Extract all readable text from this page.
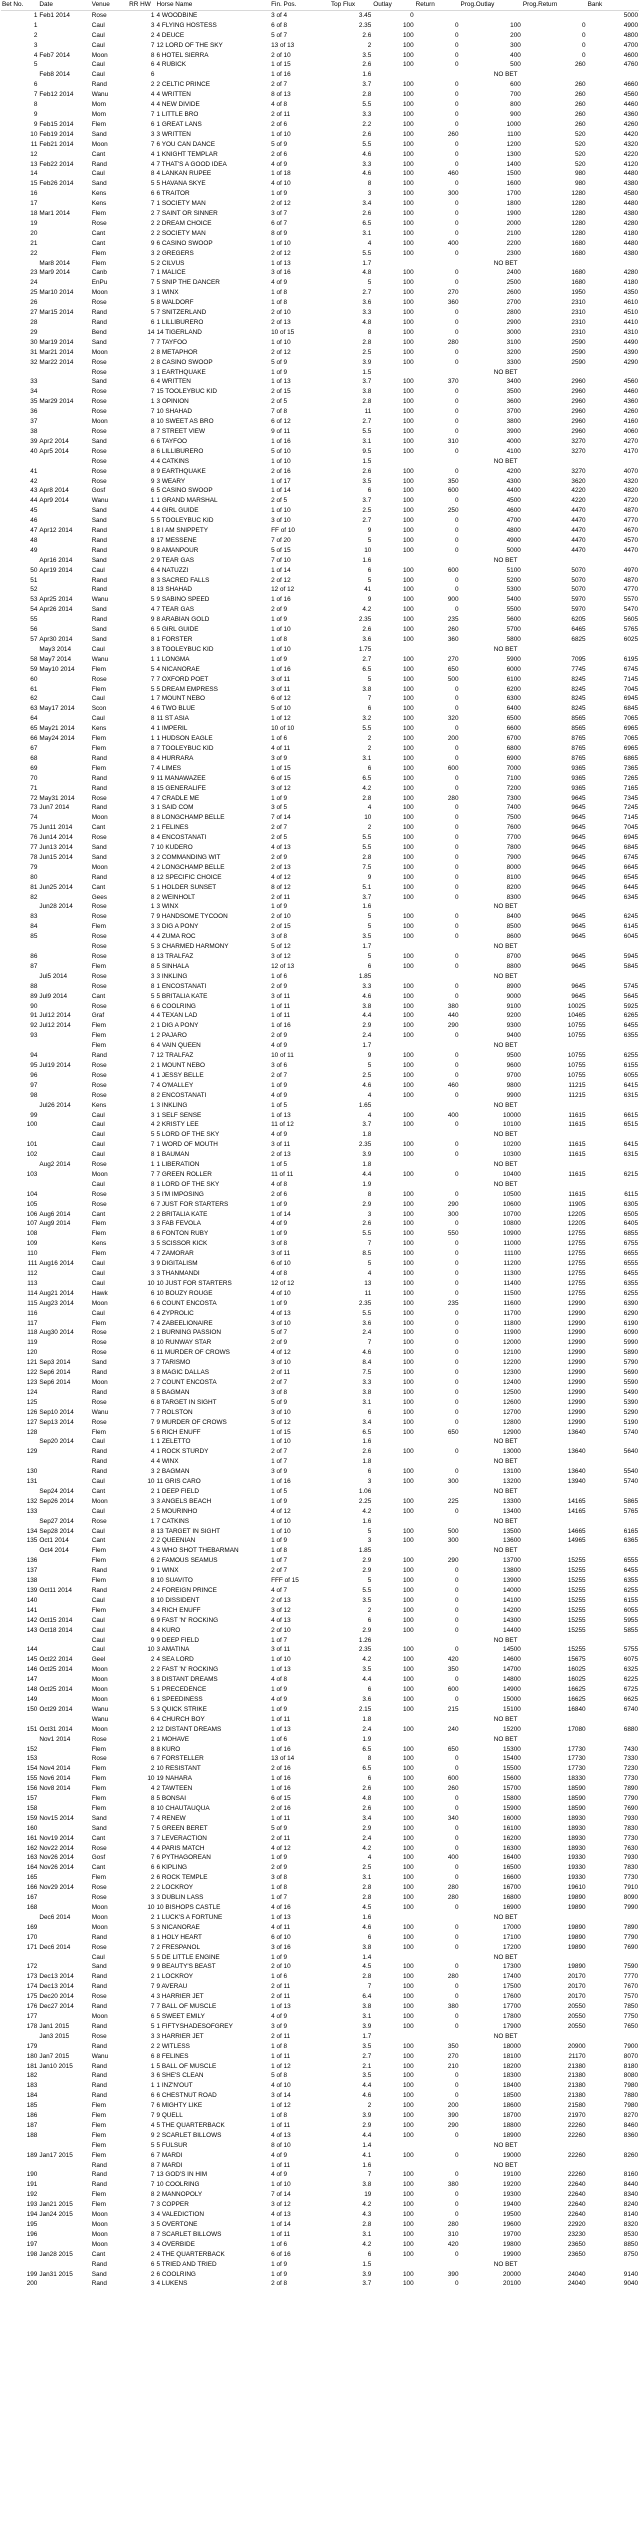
Bet No.	Date	Venue	RR HW	Horse Name	Fin. Pos.	Top Flux	Outlay	Return	Prog.Outlay	Prog.Return	Bank
1	Feb1 2014	Rose	1	4 WOODBINE	3 of 4	3.45	0				5000
1		Caul	3	4 FLYING HOSTESS	6 of 8	2.35	100	0	100	0	4900
2		Caul	2	4 DEUCE	5 of 7	2.6	100	0	200	0	4800
3		Caul	7	12 LORD OF THE SKY	13 of 13	2	100	0	300	0	4700
4	Feb7 2014	Moon	8	6 HOTEL SIERRA	2 of 10	3.5	100	0	400	0	4600
5		Caul	6	4 RUBICK	1 of 15	2.6	100	0	500	260	4760
	Feb8 2014	Caul	6		1 of 16	1.6	NO BET				
6		Rand	2	2 CELTIC PRINCE	2 of 7	3.7	100	0	600	260	4660
7	Feb12 2014	Wanu	4	4 WRITTEN	8 of 13	2.8	100	0	700	260	4560
8		Mom	4	4 NEW DIVIDE	4 of 8	5.5	100	0	800	260	4460
9		Mom	7	1 LITTLE BRO	2 of 11	3.3	100	0	900	260	4360
9	Feb15 2014	Flem	6	1 GREAT LANS	2 of 6	2.2	100	0	1000	260	4260
10	Feb19 2014	Sand	3	3 WRITTEN	1 of 10	2.6	100	260	1100	520	4420
11	Feb21 2014	Moon	7	6 YOU CAN DANCE	5 of 9	5.5	100	0	1200	520	4320
12		Cant	4	1 KNIGHT TEMPLAR	2 of 6	4.6	100	0	1300	520	4220
13	Feb22 2014	Rand	4	7 THAT'S A GOOD IDEA	4 of 9	3.3	100	0	1400	520	4120
14		Caul	8	4 LANKAN RUPEE	1 of 18	4.6	100	460	1500	980	4480
15	Feb26 2014	Sand	5	5 HAVANA SKYE	4 of 10	8	100	0	1600	980	4380
16		Kens	6	6 TRAITOR	1 of 9	3	100	300	1700	1280	4580
17		Kens	7	1 SOCIETY MAN	2 of 12	3.4	100	0	1800	1280	4480
18	Mar1 2014	Flem	2	7 SAINT OR SINNER	3 of 7	2.6	100	0	1900	1280	4380
19		Rose	2	2 DREAM CHOICE	6 of 7	6.5	100	0	2000	1280	4280
20		Cant	2	2 SOCIETY MAN	8 of 9	3.1	100	0	2100	1280	4180
21		Cant	9	6 CASINO SWOOP	1 of 10	4	100	400	2200	1680	4480
22		Flem	3	2 GREGERS	2 of 12	5.5	100	0	2300	1680	4380
	Mar8 2014	Flem	5	2 CILVUS	1 of 13	1.7	NO BET				
23	Mar9 2014	Canb	7	1 MALICE	3 of 16	4.8	100	0	2400	1680	4280
24		EnPu	7	5 SNIP THE DANCER	4 of 9	5	100	0	2500	1680	4180
25	Mar10 2014	Moon	3	1 WINX	1 of 8	2.7	100	270	2600	1950	4350
26		Rose	5	8 WALDORF	1 of 8	3.6	100	360	2700	2310	4610
27	Mar15 2014	Rand	5	7 SNITZERLAND	2 of 10	3.3	100	0	2800	2310	4510
28		Rand	6	1 LILLIBURERO	2 of 13	4.8	100	0	2900	2310	4410
29		Bend	14	14 TIGERLAND	10 of 15	8	100	0	3000	2310	4310
30	Mar19 2014	Sand	7	7 TAYFOO	1 of 10	2.8	100	280	3100	2590	4490
31	Mar21 2014	Moon	2	8 METAPHOR	2 of 12	2.5	100	0	3200	2590	4390
32	Mar22 2014	Rose	2	8 CASINO SWOOP	5 of 9	3.9	100	0	3300	2590	4290
		Rose	3	1 EARTHQUAKE	1 of 9	1.5	NO BET				
33		Sand	6	4 WRITTEN	1 of 13	3.7	100	370	3400	2960	4560
34		Rose	7	15 TOOLEYBUC KID	2 of 15	3.8	100	0	3500	2960	4460
35	Mar29 2014	Rose	1	3 OPINION	2 of 5	2.8	100	0	3600	2960	4360
36		Rose	7	10 SHAHAD	7 of 8	11	100	0	3700	2960	4260
37		Moon	8	10 SWEET AS BRO	6 of 12	2.7	100	0	3800	2960	4160
38		Rose	8	7 STREET VIEW	9 of 11	5.5	100	0	3900	2960	4060
39	Apr2 2014	Sand	6	6 TAYFOO	1 of 16	3.1	100	310	4000	3270	4270
40	Apr5 2014	Rose	8	6 LILLIBURERO	5 of 10	9.5	100	0	4100	3270	4170
		Rose	4	4 CATKINS	1 of 10	1.5	NO BET				
41		Rose	8	9 EARTHQUAKE	2 of 16	2.6	100	0	4200	3270	4070
42		Rose	9	3 WEARY	1 of 17	3.5	100	350	4300	3620	4320
43	Apr8 2014	Gosf	6	5 CASINO SWOOP	1 of 14	6	100	600	4400	4220	4820
44	Apr9 2014	Wanu	1	1 GRAND MARSHAL	2 of 5	3.7	100	0	4500	4220	4720
45		Sand	4	4 GIRL GUIDE	1 of 10	2.5	100	250	4600	4470	4870
46		Sand	5	5 TOOLEYBUC KID	3 of 10	2.7	100	0	4700	4470	4770
47	Apr12 2014	Rand	1	8 I AM SNIPPETY	FF of 10	9	100	0	4800	4470	4670
48		Rand	8	17 MESSENE	7 of 20	5	100	0	4900	4470	4570
49		Rand	9	8 AMANPOUR	5 of 15	10	100	0	5000	4470	4470
	Apr16 2014	Sand	2	9 TEAR GAS	7 of 10	1.6	NO BET				
50	Apr19 2014	Caul	6	4 NATUZZI	1 of 14	6	100	600	5100	5070	4970
51		Rand	8	3 SACRED FALLS	2 of 12	5	100	0	5200	5070	4870
52		Rand	8	13 SHAHAD	12 of 12	41	100	0	5300	5070	4770
53	Apr25 2014	Wanu	5	9 SABINO SPEED	1 of 16	9	100	900	5400	5970	5570
54	Apr26 2014	Sand	4	7 TEAR GAS	2 of 9	4.2	100	0	5500	5970	5470
55		Rand	9	8 ARABIAN GOLD	1 of 9	2.35	100	235	5600	6205	5605
56		Sand	6	5 GIRL GUIDE	1 of 10	2.6	100	260	5700	6465	5765
57	Apr30 2014	Sand	8	1 FORSTER	1 of 8	3.6	100	360	5800	6825	6025
	May3 2014	Caul	3	8 TOOLEYBUC KID	1 of 10	1.75	NO BET				
58	May7 2014	Wanu	1	1 LONGMA	1 of 9	2.7	100	270	5900	7095	6195
59	May10 2014	Flem	5	4 NICANORAE	1 of 16	6.5	100	650	6000	7745	6745
60		Rose	7	7 OXFORD POET	3 of 11	5	100	500	6100	8245	7145
61		Flem	5	5 DREAM EMPRESS	3 of 11	3.8	100	0	6200	8245	7045
62		Caul	1	7 MOUNT NEBO	6 of 12	7	100	0	6300	8245	6945
63	May17 2014	Scon	4	6 TWO BLUE	5 of 10	6	100	0	6400	8245	6845
64		Caul	8	11 ST ASIA	1 of 12	3.2	100	320	6500	8565	7065
65	May21 2014	Kens	4	1 IMPERIL	10 of 10	5.5	100	0	6600	8565	6965
66	May24 2014	Flem	1	1 HUDSON EAGLE	1 of 6	2	100	200	6700	8765	7065
67		Flem	8	7 TOOLEYBUC KID	4 of 11	2	100	0	6800	8765	6965
68		Rand	8	4 HURRARA	3 of 9	3.1	100	0	6900	8765	6865
69		Flem	7	4 LIMES	1 of 15	6	100	600	7000	9365	7365
70		Rand	9	11 MANAWAZEE	6 of 15	6.5	100	0	7100	9365	7265
71		Rand	8	15 GENERALIFE	3 of 12	4.2	100	0	7200	9365	7165
72	May31 2014	Rose	4	7 CRADLE ME	1 of 9	2.8	100	280	7300	9645	7345
73	Jun7 2014	Rand	3	1 SAID COM	3 of 5	4	100	0	7400	9645	7245
74		Moon	8	8 LONGCHAMP BELLE	7 of 14	10	100	0	7500	9645	7145
75	Jun11 2014	Cant	2	1 FELINES	2 of 7	2	100	0	7600	9645	7045
76	Jun14 2014	Rose	8	4 ENCOSTANATI	2 of 5	5.5	100	0	7700	9645	6945
77	Jun13 2014	Sand	7	10 KUDERO	4 of 13	5.5	100	0	7800	9645	6845
78	Jun15 2014	Sand	3	2 COMMANDING WIT	2 of 9	2.8	100	0	7900	9645	6745
79		Moon	4	2 LONGCHAMP BELLE	2 of 13	7.5	100	0	8000	9645	6645
80		Rand	8	12 SPECIFIC CHOICE	4 of 12	9	100	0	8100	9645	6545
81	Jun25 2014	Cant	5	1 HOLDER SUNSET	8 of 12	5.1	100	0	8200	9645	6445
82		Gees	8	2 WEINHOLT	2 of 11	3.7	100	0	8300	9645	6345
	Jun28 2014	Rose	1	3 WINX	1 of 9	1.6	NO BET				
83		Rose	7	9 HANDSOME TYCOON	2 of 10	5	100	0	8400	9645	6245
84		Flem	3	3 DIG A PONY	2 of 15	5	100	0	8500	9645	6145
85		Rose	4	4 ZUMA ROC	3 of 8	3.5	100	0	8600	9645	6045
		Rose	5	3 CHARMED HARMONY	5 of 12	1.7	NO BET				
86		Rose	8	13 TRALFAZ	3 of 12	5	100	0	8700	9645	5945
87		Flem	8	5 SINHALA	12 of 13	6	100	0	8800	9645	5845
	Jul5 2014	Rose	3	3 INKLING	1 of 6	1.85	NO BET				
88		Rose	8	1 ENCOSTANATI	2 of 9	3.3	100	0	8900	9645	5745
89	Jul9 2014	Cant	5	5 BRITALIA KATE	3 of 11	4.6	100	0	9000	9645	5645
90		Rose	6	6 COOLRING	1 of 11	3.8	100	380	9100	10025	5925
91	Jul12 2014	Graf	4	4 TEXAN LAD	1 of 11	4.4	100	440	9200	10465	6265
92	Jul12 2014	Flem	2	1 DIG A PONY	1 of 16	2.9	100	290	9300	10755	6455
93		Flem	1	2 PAJARO	2 of 9	2.4	100	0	9400	10755	6355
		Flem	6	4 VAIN QUEEN	4 of 9	1.7	NO BET				
94		Rand	7	12 TRALFAZ	10 of 11	9	100	0	9500	10755	6255
95	Jul19 2014	Rose	2	1 MOUNT NEBO	3 of 6	5	100	0	9600	10755	6155
96		Rose	4	1 JESSY BELLE	2 of 7	2.5	100	0	9700	10755	6055
97		Rose	7	4 O'MALLEY	1 of 9	4.6	100	460	9800	11215	6415
98		Rose	8	2 ENCOSTANATI	4 of 9	4	100	0	9900	11215	6315
	Jul26 2014	Kens	1	3 INKLING	1 of 5	1.65	NO BET				
99		Caul	3	1 SELF SENSE	1 of 13	4	100	400	10000	11615	6615
100		Caul	4	2 KRISTY LEE	11 of 12	3.7	100	0	10100	11615	6515
		Caul	5	5 LORD OF THE SKY	4 of 9	1.8	NO BET				
101		Caul	7	1 WORD OF MOUTH	3 of 11	2.35	100	0	10200	11615	6415
102		Caul	8	1 BAUMAN	2 of 13	3.9	100	0	10300	11615	6315
	Aug2 2014	Rose	1	1 LIBERATION	1 of 5	1.8	NO BET				
103		Moon	7	7 GREEN ROLLER	11 of 11	4.4	100	0	10400	11615	6215
		Caul	8	1 LORD OF THE SKY	4 of 8	1.9	NO BET				
104		Rose	3	5 I'M IMPOSING	2 of 6	8	100	0	10500	11615	6115
105		Rose	6	7 JUST FOR STARTERS	1 of 9	2.9	100	290	10600	11905	6305
106	Aug6 2014	Cant	2	2 BRITALIA KATE	1 of 14	3	100	300	10700	12205	6505
107	Aug9 2014	Flem	3	3 FAB FEVOLA	4 of 9	2.6	100	0	10800	12205	6405
108		Flem	8	6 FONTON RUBY	1 of 9	5.5	100	550	10900	12755	6855
109		Kens	3	5 SCISSOR KICK	3 of 8	7	100	0	11000	12755	6755
110		Flem	4	7 ZAMORAR	3 of 11	8.5	100	0	11100	12755	6655
111	Aug16 2014	Caul	3	9 DIGITALISM	6 of 10	5	100	0	11200	12755	6555
112		Caul	3	3 THANMANDI	4 of 8	4	100	0	11300	12755	6455
113		Caul	10	10 JUST FOR STARTERS	12 of 12	13	100	0	11400	12755	6355
114	Aug21 2014	Hawk	6	10 BOUZY ROUGE	4 of 10	11	100	0	11500	12755	6255
115	Aug23 2014	Moon	6	6 COUNT ENCOSTA	1 of 9	2.35	100	235	11600	12990	6390
116		Caul	6	4 ZYPROLIC	4 of 13	5.5	100	0	11700	12990	6290
117		Flem	7	4 ZABEELIONAIRE	3 of 10	3.6	100	0	11800	12990	6190
118	Aug30 2014	Rose	2	1 BURNING PASSION	5 of 7	2.4	100	0	11900	12990	6090
119		Rose	8	10 RUNWAY STAR	2 of 9	7	100	0	12000	12990	5990
120		Rose	6	11 MURDER OF CROWS	4 of 12	4.6	100	0	12100	12990	5890
121	Sep3 2014	Sand	3	7 TARISMO	3 of 10	8.4	100	0	12200	12990	5790
122	Sep6 2014	Rand	3	8 MAGIC DALLAS	2 of 11	7.5	100	0	12300	12990	5690
123	Sep6 2014	Moon	2	7 COUNT ENCOSTA	2 of 7	3.3	100	0	12400	12990	5590
124		Rand	8	5 BAGMAN	3 of 8	3.8	100	0	12500	12990	5490
125		Rose	6	8 TARGET IN SIGHT	5 of 9	3.1	100	0	12600	12990	5390
126	Sep10 2014	Wanu	7	7 ROLSTON	3 of 10	6	100	0	12700	12990	5290
127	Sep13 2014	Rose	7	9 MURDER OF CROWS	5 of 12	3.4	100	0	12800	12990	5190
128		Flem	5	6 RICH ENUFF	1 of 15	6.5	100	650	12900	13640	5740
	Sep20 2014	Caul	1	1 ZELETTO	1 of 10	1.6	NO BET				
129		Rand	4	1 ROCK STURDY	2 of 7	2.6	100	0	13000	13640	5640
		Rand	4	4 WINX	1 of 7	1.8	NO BET				
130		Rand	3	2 BAGMAN	3 of 9	6	100	0	13100	13640	5540
131		Caul	10	11 GRIS CARO	1 of 16	3	100	300	13200	13940	5740
	Sep24 2014	Cant	2	1 DEEP FIELD	1 of 5	1.06	NO BET				
132	Sep26 2014	Moon	3	3 ANGELS BEACH	1 of 9	2.25	100	225	13300	14165	5865
133		Caul	2	5 MOURINHO	4 of 12	4.2	100	0	13400	14165	5765
	Sep27 2014	Rose	1	7 CATKINS	1 of 10	1.6	NO BET				
134	Sep28 2014	Caul	8	13 TARGET IN SIGHT	1 of 10	5	100	500	13500	14665	6165
135	Oct1 2014	Cant	2	2 QUEENIAN	1 of 9	3	100	300	13600	14965	6365
	Oct4 2014	Flem	4	3 WHO SHOT THEBARMAN	1 of 8	1.85	NO BET				
136		Flem	6	2 FAMOUS SEAMUS	1 of 7	2.9	100	290	13700	15255	6555
137		Rand	9	1 WINX	2 of 7	2.9	100	0	13800	15255	6455
138		Flem	8	10 SUAVITO	FFF of 15	5	100	0	13900	15255	6355
139	Oct11 2014	Rand	2	4 FOREIGN PRINCE	4 of 7	5.5	100	0	14000	15255	6255
140		Caul	8	10 DISSIDENT	2 of 13	3.5	100	0	14100	15255	6155
141		Flem	3	4 RICH ENUFF	3 of 12	2	100	0	14200	15255	6055
142	Oct15 2014	Caul	6	9 FAST 'N' ROCKING	4 of 13	6	100	0	14300	15255	5955
143	Oct18 2014	Caul	8	4 KURO	2 of 10	2.9	100	0	14400	15255	5855
		Caul	9	9 DEEP FIELD	1 of 7	1.26	NO BET				
144		Caul	10	3 AMATINA	3 of 11	2.35	100	0	14500	15255	5755
145	Oct22 2014	Geel	2	4 SEA LORD	1 of 10	4.2	100	420	14600	15675	6075
146	Oct25 2014	Moon	2	2 FAST 'N' ROCKING	1 of 13	3.5	100	350	14700	16025	6325
147		Moon	3	8 DISTANT DREAMS	4 of 8	4.4	100	0	14800	16025	6225
148	Oct25 2014	Moon	5	1 PRECEDENCE	1 of 9	6	100	600	14900	16625	6725
149		Moon	6	1 SPEEDINESS	4 of 9	3.6	100	0	15000	16625	6625
150	Oct29 2014	Wanu	5	3 QUICK STRIKE	1 of 9	2.15	100	215	15100	16840	6740
		Wanu	6	4 CHURCH BOY	1 of 11	1.8	NO BET				
151	Oct31 2014	Moon	2	12 DISTANT DREAMS	1 of 13	2.4	100	240	15200	17080	6880
	Nov1 2014	Rose	2	1 MOHAVE	1 of 6	1.9	NO BET				
152		Flem	8	8 KURO	1 of 16	6.5	100	650	15300	17730	7430
153		Rose	6	7 FORSTELLER	13 of 14	8	100	0	15400	17730	7330
154	Nov4 2014	Flem	2	10 RESISTANT	2 of 16	6.5	100	0	15500	17730	7230
155	Nov6 2014	Flem	10	19 NAHARA	1 of 16	6	100	600	15600	18330	7730
156	Nov8 2014	Flem	4	2 TAWTEEN	1 of 16	2.6	100	260	15700	18590	7890
157		Flem	8	5 BONSAI	6 of 15	4.8	100	0	15800	18590	7790
158		Flem	8	10 CHAUTAUQUA	2 of 16	2.6	100	0	15900	18590	7690
159	Nov15 2014	Sand	7	4 RENEW	1 of 11	3.4	100	340	16000	18930	7930
160		Sand	7	5 GREEN BERET	5 of 9	2.9	100	0	16100	18930	7830
161	Nov19 2014	Cant	3	7 LEVERACTION	2 of 11	2.4	100	0	16200	18930	7730
162	Nov22 2014	Rose	4	4 PARIS MATCH	4 of 12	4.2	100	0	16300	18930	7630
163	Nov26 2014	Gosf	7	6 PYTHAGOREAN	1 of 9	4	100	400	16400	19330	7930
164	Nov26 2014	Cant	6	6 KIPLING	2 of 9	2.5	100	0	16500	19330	7830
165		Flem	2	6 ROCK TEMPLE	3 of 8	3.1	100	0	16600	19330	7730
166	Nov29 2014	Rose	2	2 LOCKROY	1 of 8	2.8	100	280	16700	19610	7910
167		Rose	3	3 DUBLIN LASS	1 of 7	2.8	100	280	16800	19890	8090
168		Moon	10	10 BISHOPS CASTLE	4 of 16	4.5	100	0	16900	19890	7990
	Dec6 2014	Moon	2	1 LUCK'S A FORTUNE	1 of 13	1.6	NO BET				
169		Moon	5	3 NICANORAE	4 of 11	4.6	100	0	17000	19890	7890
170		Rand	8	1 HOLY HEART	6 of 10	6	100	0	17100	19890	7790
171	Dec6 2014	Rose	7	2 FRESPANOL	3 of 16	3.8	100	0	17200	19890	7690
		Caul	5	5 DE LITTLE ENGINE	1 of 9	1.4	NO BET				
172		Sand	9	9 BEAUTY'S BEAST	2 of 10	4.5	100	0	17300	19890	7590
173	Dec13 2014	Rand	2	1 LOCKROY	1 of 6	2.8	100	280	17400	20170	7770
174	Dec13 2014	Rand	7	9 AVERAU	2 of 11	7	100	0	17500	20170	7670
175	Dec20 2014	Rose	4	3 HARRIER JET	2 of 11	6.4	100	0	17600	20170	7570
176	Dec27 2014	Rand	7	7 BALL OF MUSCLE	1 of 13	3.8	100	380	17700	20550	7850
177		Moon	6	5 SWEET EMILY	4 of 9	3.1	100	0	17800	20550	7750
178	Jan1 2015	Rand	5	1 FIFTYSHADESOFGREY	3 of 9	3.9	100	0	17900	20550	7650
	Jan3 2015	Rose	3	3 HARRIER JET	2 of 11	1.7	NO BET				
179		Rand	2	2 WITLESS	1 of 8	3.5	100	350	18000	20900	7900
180	Jan7 2015	Wanu	6	8 FELINES	1 of 11	2.7	100	270	18100	21170	8070
181	Jan10 2015	Rand	1	5 BALL OF MUSCLE	1 of 12	2.1	100	210	18200	21380	8180
182		Rand	3	6 SHE'S CLEAN	5 of 8	3.5	100	0	18300	21380	8080
183		Rand	1	1 INZ'N'OUT	4 of 10	4.4	100	0	18400	21380	7980
184		Rand	6	6 CHESTNUT ROAD	3 of 14	4.6	100	0	18500	21380	7880
185		Flem	7	6 MIGHTY LIKE	1 of 12	2	100	200	18600	21580	7980
186		Flem	7	9 QUELL	1 of 8	3.9	100	390	18700	21970	8270
187		Flem	4	5 THE QUARTERBACK	1 of 11	2.9	100	290	18800	22260	8460
188		Flem	9	2 SCARLET BILLOWS	4 of 13	4.4	100	0	18900	22260	8360
		Flem	5	5 FULSUR	8 of 10	1.4	NO BET				
189	Jan17 2015	Flem	6	7 MARDI	4 of 9	4.1	100	0	19000	22260	8260
		Rand	8	7 MARDI	1 of 11	1.6	NO BET				
190		Rand	7	13 GOD'S IN HIM	4 of 9	7	100	0	19100	22260	8160
191		Rand	7	10 COOLRING	1 of 10	3.8	100	380	19200	22640	8440
192		Flem	8	2 MANNOPOLY	7 of 14	19	100	0	19300	22640	8340
193	Jan21 2015	Flem	7	3 COPPER	3 of 12	4.2	100	0	19400	22640	8240
194	Jan24 2015	Moon	3	4 VALEDICTION	4 of 13	4.3	100	0	19500	22640	8140
195		Moon	3	5 OVERTONE	1 of 14	2.8	100	280	19600	22920	8320
196		Moon	8	7 SCARLET BILLOWS	1 of 11	3.1	100	310	19700	23230	8530
197		Moon	3	4 OVERBIDE	1 of 6	4.2	100	420	19800	23650	8850
198	Jan28 2015	Cant	2	4 THE QUARTERBACK	6 of 16	6	100	0	19900	23650	8750
		Rand	6	5 TRIED AND TRIED	1 of 9	1.5	NO BET				
199	Jan31 2015	Sand	2	6 COOLRING	1 of 9	3.9	100	390	20000	24040	9140
200		Rand	3	4 LUKENS	2 of 8	3.7	100	0	20100	24040	9040
